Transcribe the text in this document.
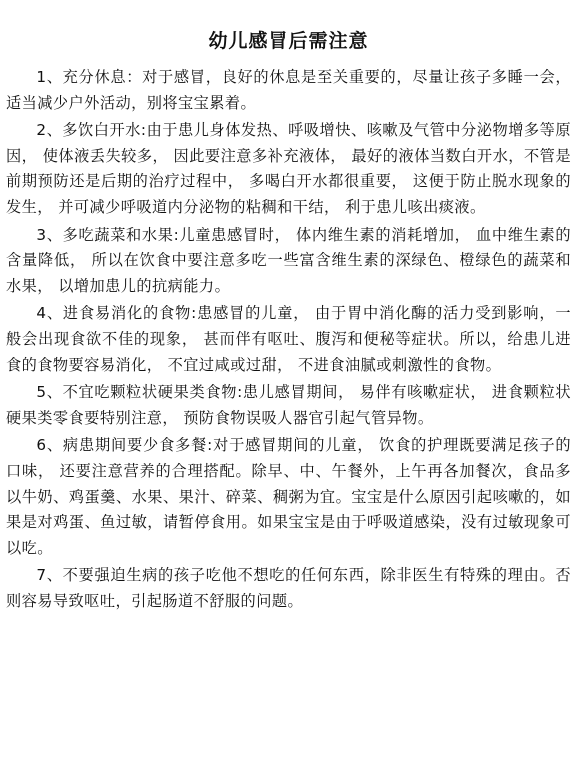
幼儿感冒后需注意

1、充分休息：对于感冒，良好的休息是至关重要的，尽量让孩子多睡一会，适当减少户外活动，别将宝宝累着。

2、多饮白开水:由于患儿身体发热、呼吸增快、咳嗽及气管中分泌物增多等原因， 使体液丢失较多， 因此要注意多补充液体， 最好的液体当数白开水，不管是前期预防还是后期的治疗过程中， 多喝白开水都很重要， 这便于防止脱水现象的发生， 并可减少呼吸道内分泌物的粘稠和干结， 利于患儿咳出痰液。

3、多吃蔬菜和水果:儿童患感冒时， 体内维生素的消耗增加， 血中维生素的含量降低， 所以在饮食中要注意多吃一些富含维生素的深绿色、橙绿色的蔬菜和水果， 以增加患儿的抗病能力。

4、进食易消化的食物:患感冒的儿童， 由于胃中消化酶的活力受到影响，一般会出现食欲不佳的现象， 甚而伴有呕吐、腹泻和便秘等症状。所以，给患儿进食的食物要容易消化， 不宜过咸或过甜， 不进食油腻或刺激性的食物。

5、不宜吃颗粒状硬果类食物:患儿感冒期间， 易伴有咳嗽症状， 进食颗粒状硬果类零食要特别注意， 预防食物误吸人器官引起气管异物。

6、病患期间要少食多餐:对于感冒期间的儿童， 饮食的护理既要满足孩子的口味， 还要注意营养的合理搭配。除早、中、午餐外，上午再各加餐次，食品多以牛奶、鸡蛋羹、水果、果汁、碎菜、稠粥为宜。宝宝是什么原因引起咳嗽的，如果是对鸡蛋、鱼过敏，请暂停食用。如果宝宝是由于呼吸道感染，没有过敏现象可以吃。

7、不要强迫生病的孩子吃他不想吃的任何东西，除非医生有特殊的理由。否则容易导致呕吐，引起肠道不舒服的问题。
